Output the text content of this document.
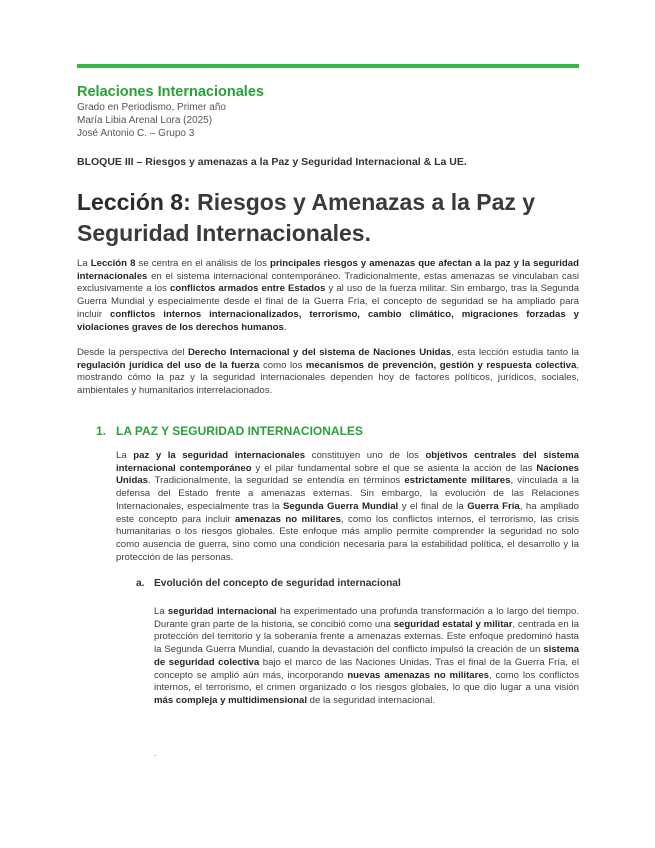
Relaciones Internacionales
Grado en Periodismo, Primer año
María Libia Arenal Lora (2025)
José Antonio C. – Grupo 3
BLOQUE III – Riesgos y amenazas a la Paz y Seguridad Internacional & La UE.
Lección 8: Riesgos y Amenazas a la Paz y Seguridad Internacionales.

La Lección 8 se centra en el análisis de los principales riesgos y amenazas que afectan a la paz y la seguridad internacionales en el sistema internacional contemporáneo. Tradicionalmente, estas amenazas se vinculaban casi exclusivamente a los conflictos armados entre Estados y al uso de la fuerza militar. Sin embargo, tras la Segunda Guerra Mundial y especialmente desde el final de la Guerra Fría, el concepto de seguridad se ha ampliado para incluir conflictos internos internacionalizados, terrorismo, cambio climático, migraciones forzadas y violaciones graves de los derechos humanos.

Desde la perspectiva del Derecho Internacional y del sistema de Naciones Unidas, esta lección estudia tanto la regulación jurídica del uso de la fuerza como los mecanismos de prevención, gestión y respuesta colectiva, mostrando cómo la paz y la seguridad internacionales dependen hoy de factores políticos, jurídicos, sociales, ambientales y humanitarios interrelacionados.

1. LA PAZ Y SEGURIDAD INTERNACIONALES

La paz y la seguridad internacionales constituyen uno de los objetivos centrales del sistema internacional contemporáneo y el pilar fundamental sobre el que se asienta la acción de las Naciones Unidas. Tradicionalmente, la seguridad se entendía en términos estrictamente militares, vinculada a la defensa del Estado frente a amenazas externas. Sin embargo, la evolución de las Relaciones Internacionales, especialmente tras la Segunda Guerra Mundial y el final de la Guerra Fría, ha ampliado este concepto para incluir amenazas no militares, como los conflictos internos, el terrorismo, las crisis humanitarias o los riesgos globales. Este enfoque más amplio permite comprender la seguridad no solo como ausencia de guerra, sino como una condición necesaria para la estabilidad política, el desarrollo y la protección de las personas.

a. Evolución del concepto de seguridad internacional

La seguridad internacional ha experimentado una profunda transformación a lo largo del tiempo. Durante gran parte de la historia, se concibió como una seguridad estatal y militar, centrada en la protección del territorio y la soberanía frente a amenazas externas. Este enfoque predominó hasta la Segunda Guerra Mundial, cuando la devastación del conflicto impulsó la creación de un sistema de seguridad colectiva bajo el marco de las Naciones Unidas. Tras el final de la Guerra Fría, el concepto se amplió aún más, incorporando nuevas amenazas no militares, como los conflictos internos, el terrorismo, el crimen organizado o los riesgos globales, lo que dio lugar a una visión más compleja y multidimensional de la seguridad internacional.

.
